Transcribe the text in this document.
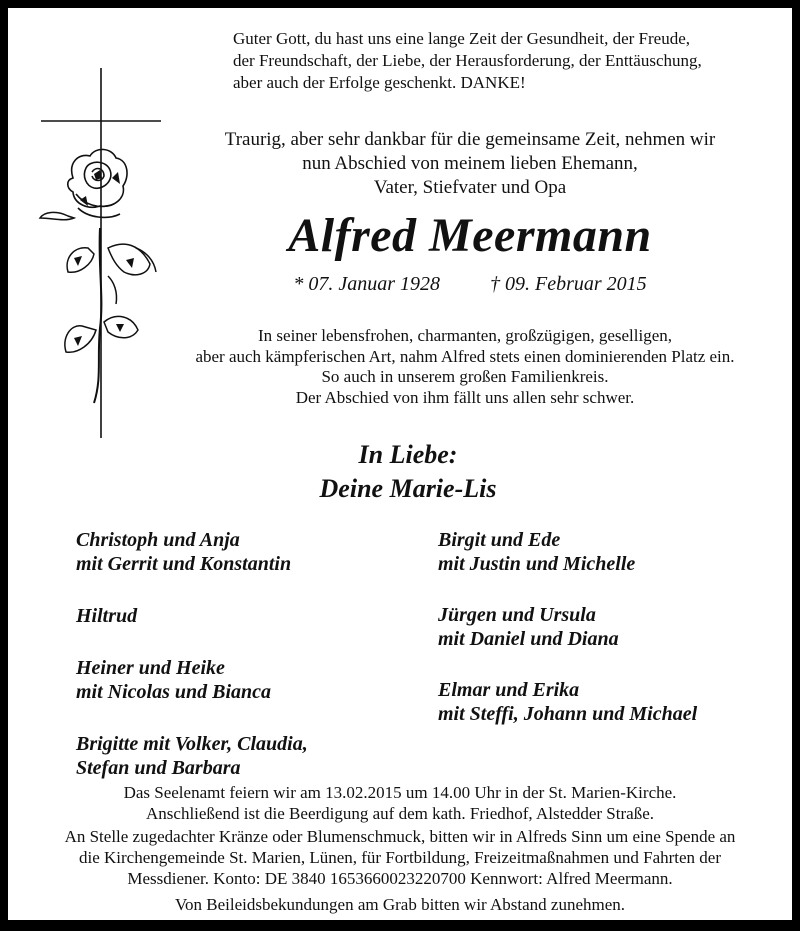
Guter Gott, du hast uns eine lange Zeit der Gesundheit, der Freude,
der Freundschaft, der Liebe, der Herausforderung, der Enttäuschung,
aber auch der Erfolge geschenkt. DANKE!
Traurig, aber sehr dankbar für die gemeinsame Zeit, nehmen wir
nun Abschied von meinem lieben Ehemann,
Vater, Stiefvater und Opa
Alfred Meermann
* 07. Januar 1928	† 09. Februar 2015
In seiner lebensfrohen, charmanten, großzügigen, geselligen,
aber auch kämpferischen Art, nahm Alfred stets einen dominierenden Platz ein.
So auch in unserem großen Familienkreis.
Der Abschied von ihm fällt uns allen sehr schwer.
In Liebe:
Deine Marie-Lis
Christoph und Anja
mit Gerrit und Konstantin
Hiltrud
Heiner und Heike
mit Nicolas und Bianca
Brigitte mit Volker, Claudia,
Stefan und Barbara
Birgit und Ede
mit Justin und Michelle
Jürgen und Ursula
mit Daniel und Diana
Elmar und Erika
mit Steffi, Johann und Michael
Das Seelenamt feiern wir am 13.02.2015 um 14.00 Uhr in der St. Marien-Kirche.
Anschließend ist die Beerdigung auf dem kath. Friedhof, Alstedder Straße.
An Stelle zugedachter Kränze oder Blumenschmuck, bitten wir in Alfreds Sinn um eine Spende an
die Kirchengemeinde St. Marien, Lünen, für Fortbildung, Freizeitmaßnahmen und Fahrten der
Messdiener. Konto: DE 3840 1653660023220700 Kennwort: Alfred Meermann.
Von Beileidsbekundungen am Grab bitten wir Abstand zunehmen.
